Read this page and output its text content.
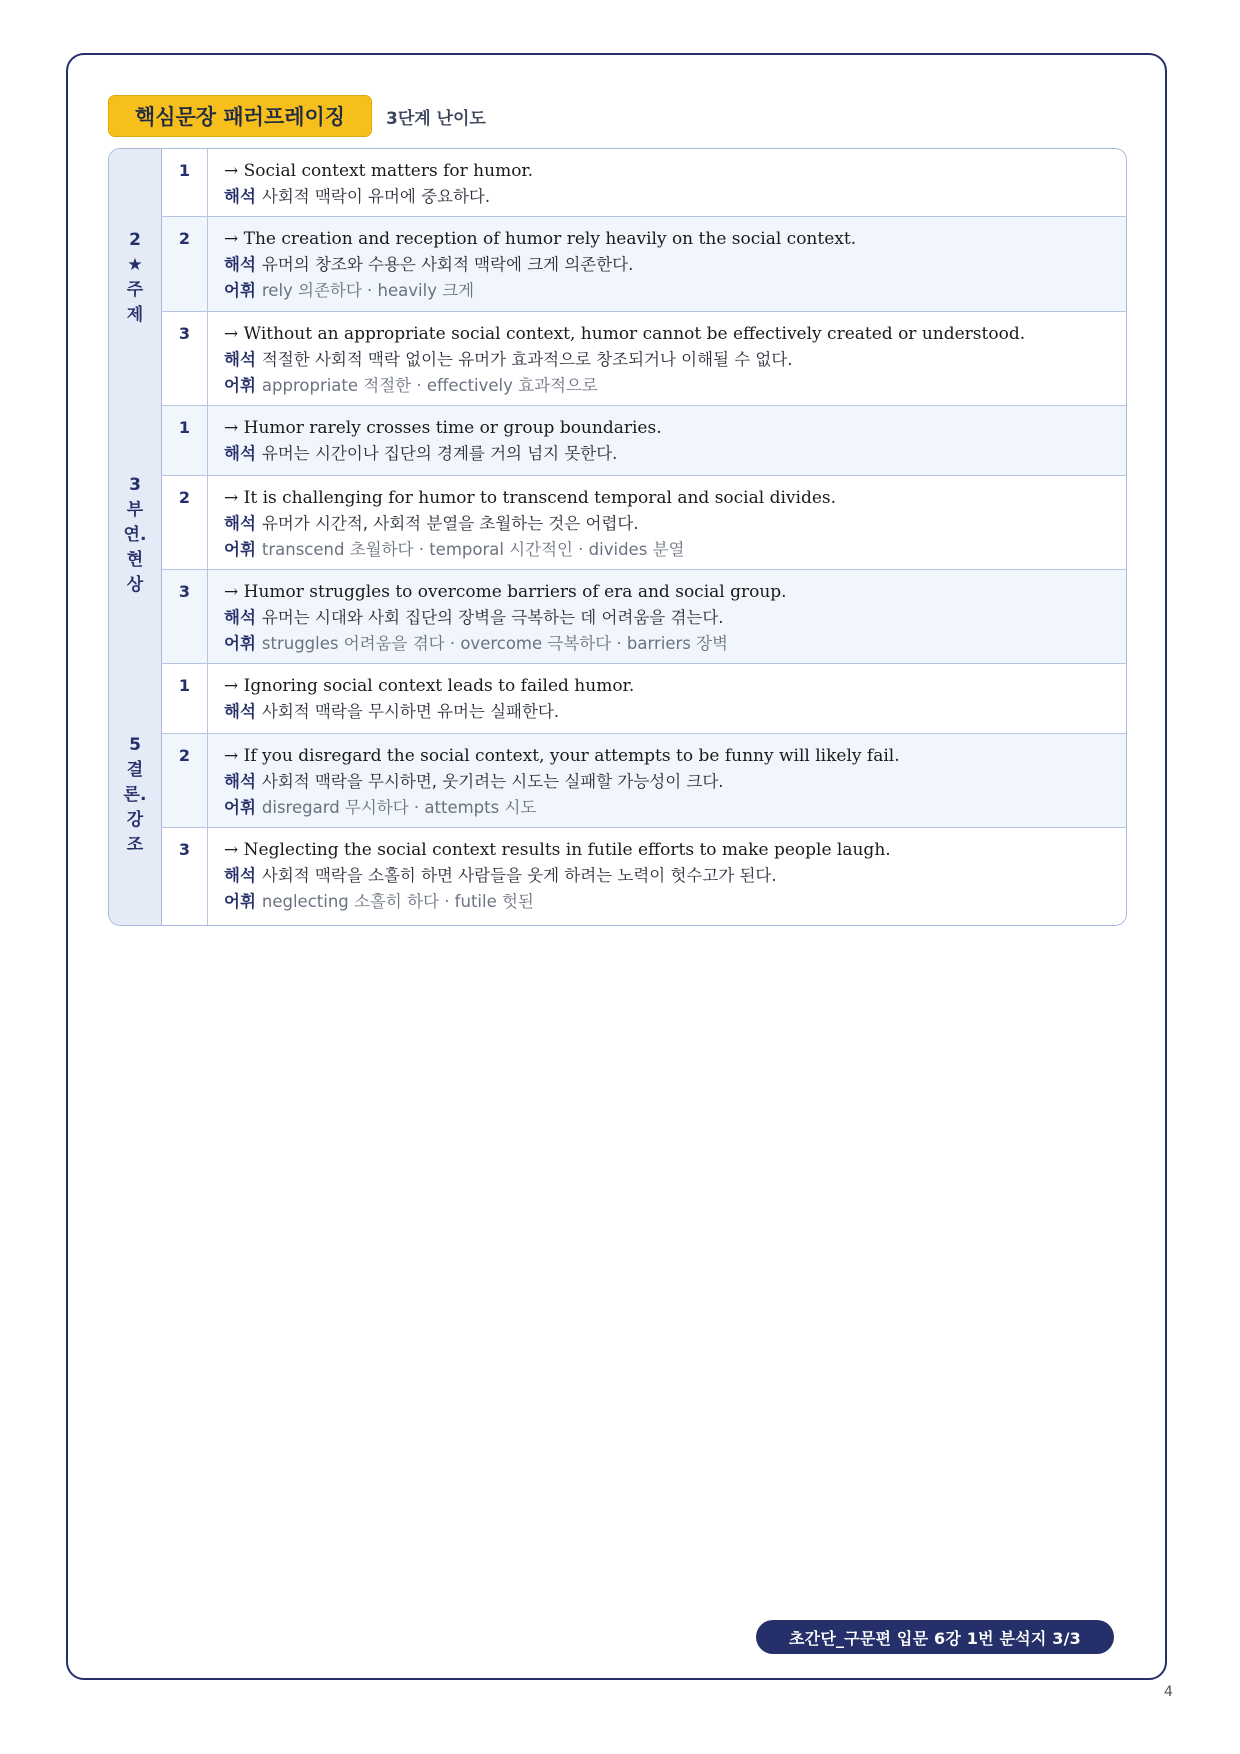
핵심문장 패러프레이징	3단계 난이도
2
★
주
제
1	→ Social context matters for humor.
해석 사회적 맥락이 유머에 중요하다.
2	→ The creation and reception of humor rely heavily on the social context.
해석 유머의 창조와 수용은 사회적 맥락에 크게 의존한다.
어휘 rely 의존하다 · heavily 크게
3	→ Without an appropriate social context, humor cannot be effectively created or understood.
해석 적절한 사회적 맥락 없이는 유머가 효과적으로 창조되거나 이해될 수 없다.
어휘 appropriate 적절한 · effectively 효과적으로
3
부
연.
현
상
1	→ Humor rarely crosses time or group boundaries.
해석 유머는 시간이나 집단의 경계를 거의 넘지 못한다.
2	→ It is challenging for humor to transcend temporal and social divides.
해석 유머가 시간적, 사회적 분열을 초월하는 것은 어렵다.
어휘 transcend 초월하다 · temporal 시간적인 · divides 분열
3	→ Humor struggles to overcome barriers of era and social group.
해석 유머는 시대와 사회 집단의 장벽을 극복하는 데 어려움을 겪는다.
어휘 struggles 어려움을 겪다 · overcome 극복하다 · barriers 장벽
5
결
론.
강
조
1	→ Ignoring social context leads to failed humor.
해석 사회적 맥락을 무시하면 유머는 실패한다.
2	→ If you disregard the social context, your attempts to be funny will likely fail.
해석 사회적 맥락을 무시하면, 웃기려는 시도는 실패할 가능성이 크다.
어휘 disregard 무시하다 · attempts 시도
3	→ Neglecting the social context results in futile efforts to make people laugh.
해석 사회적 맥락을 소홀히 하면 사람들을 웃게 하려는 노력이 헛수고가 된다.
어휘 neglecting 소홀히 하다 · futile 헛된
초간단_구문편 입문 6강 1번 분석지 3/3
4
